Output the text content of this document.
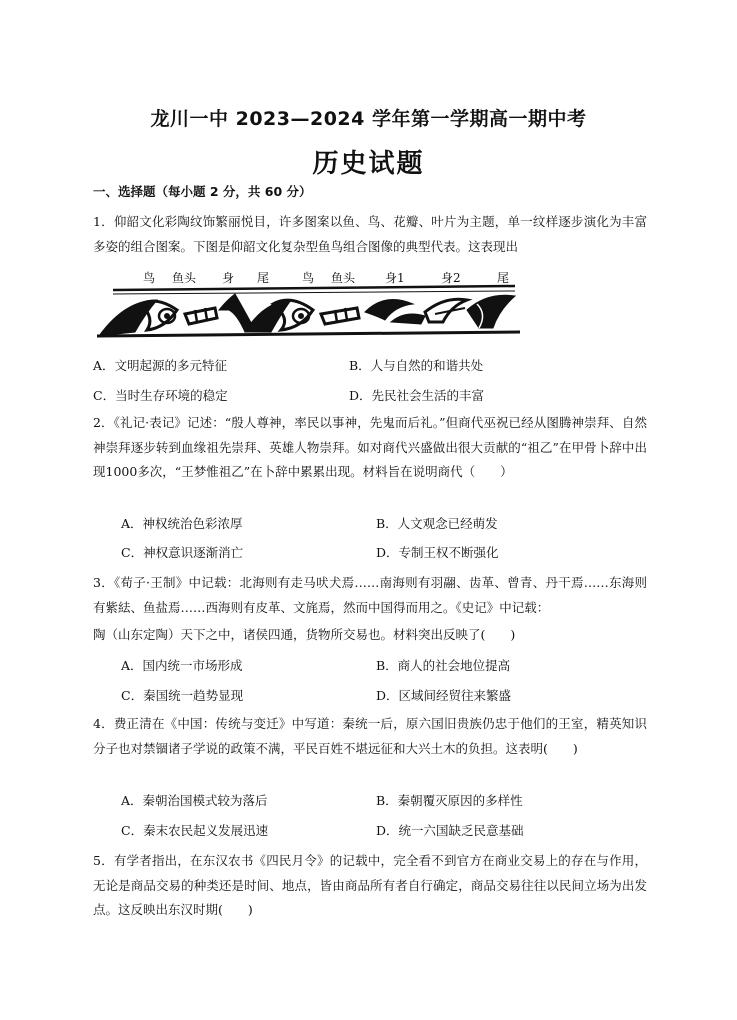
龙川一中 2023—2024 学年第一学期高一期中考
历史试题
一、选择题（每小题 2 分，共 60 分）
1．仰韶文化彩陶纹饰繁丽悦目，许多图案以鱼、鸟、花瓣、叶片为主题，单一纹样逐步演化为丰富多姿的组合图案。下图是仰韶文化复杂型鱼鸟组合图像的典型代表。这表现出
鸟 鱼头 身 尾	鸟 鱼头 身1	身2	尾
A．文明起源的多元特征	B．人与自然的和谐共处
C．当时生存环境的稳定	D．先民社会生活的丰富
2．《礼记·表记》记述：“殷人尊神，率民以事神，先鬼而后礼。”但商代巫祝已经从图腾神崇拜、自然神崇拜逐步转到血缘祖先崇拜、英雄人物崇拜。如对商代兴盛做出很大贡献的“祖乙”在甲骨卜辞中出现1000多次，“王梦惟祖乙”在卜辞中累累出现。材料旨在说明商代（　　）
A．神权统治色彩浓厚	B．人文观念已经萌发
C．神权意识逐渐消亡	D．专制王权不断强化
3．《荀子·王制》中记载：北海则有走马吠犬焉……南海则有羽翮、齿革、曾青、丹干焉……东海则有紫紶、鱼盐焉……西海则有皮革、文旄焉，然而中国得而用之。《史记》中记载：
陶（山东定陶）天下之中，诸侯四通，货物所交易也。材料突出反映了(　　)
A．国内统一市场形成	B．商人的社会地位提高
C．秦国统一趋势显现	D．区域间经贸往来繁盛
4．费正清在《中国：传统与变迁》中写道：秦统一后，原六国旧贵族仍忠于他们的王室，精英知识分子也对禁锢诸子学说的政策不满，平民百姓不堪远征和大兴土木的负担。这表明(　　)
A．秦朝治国模式较为落后	B．秦朝覆灭原因的多样性
C．秦末农民起义发展迅速	D．统一六国缺乏民意基础
5．有学者指出，在东汉农书《四民月令》的记载中，完全看不到官方在商业交易上的存在与作用，无论是商品交易的种类还是时间、地点，皆由商品所有者自行确定，商品交易往往以民间立场为出发点。这反映出东汉时期(　　)
